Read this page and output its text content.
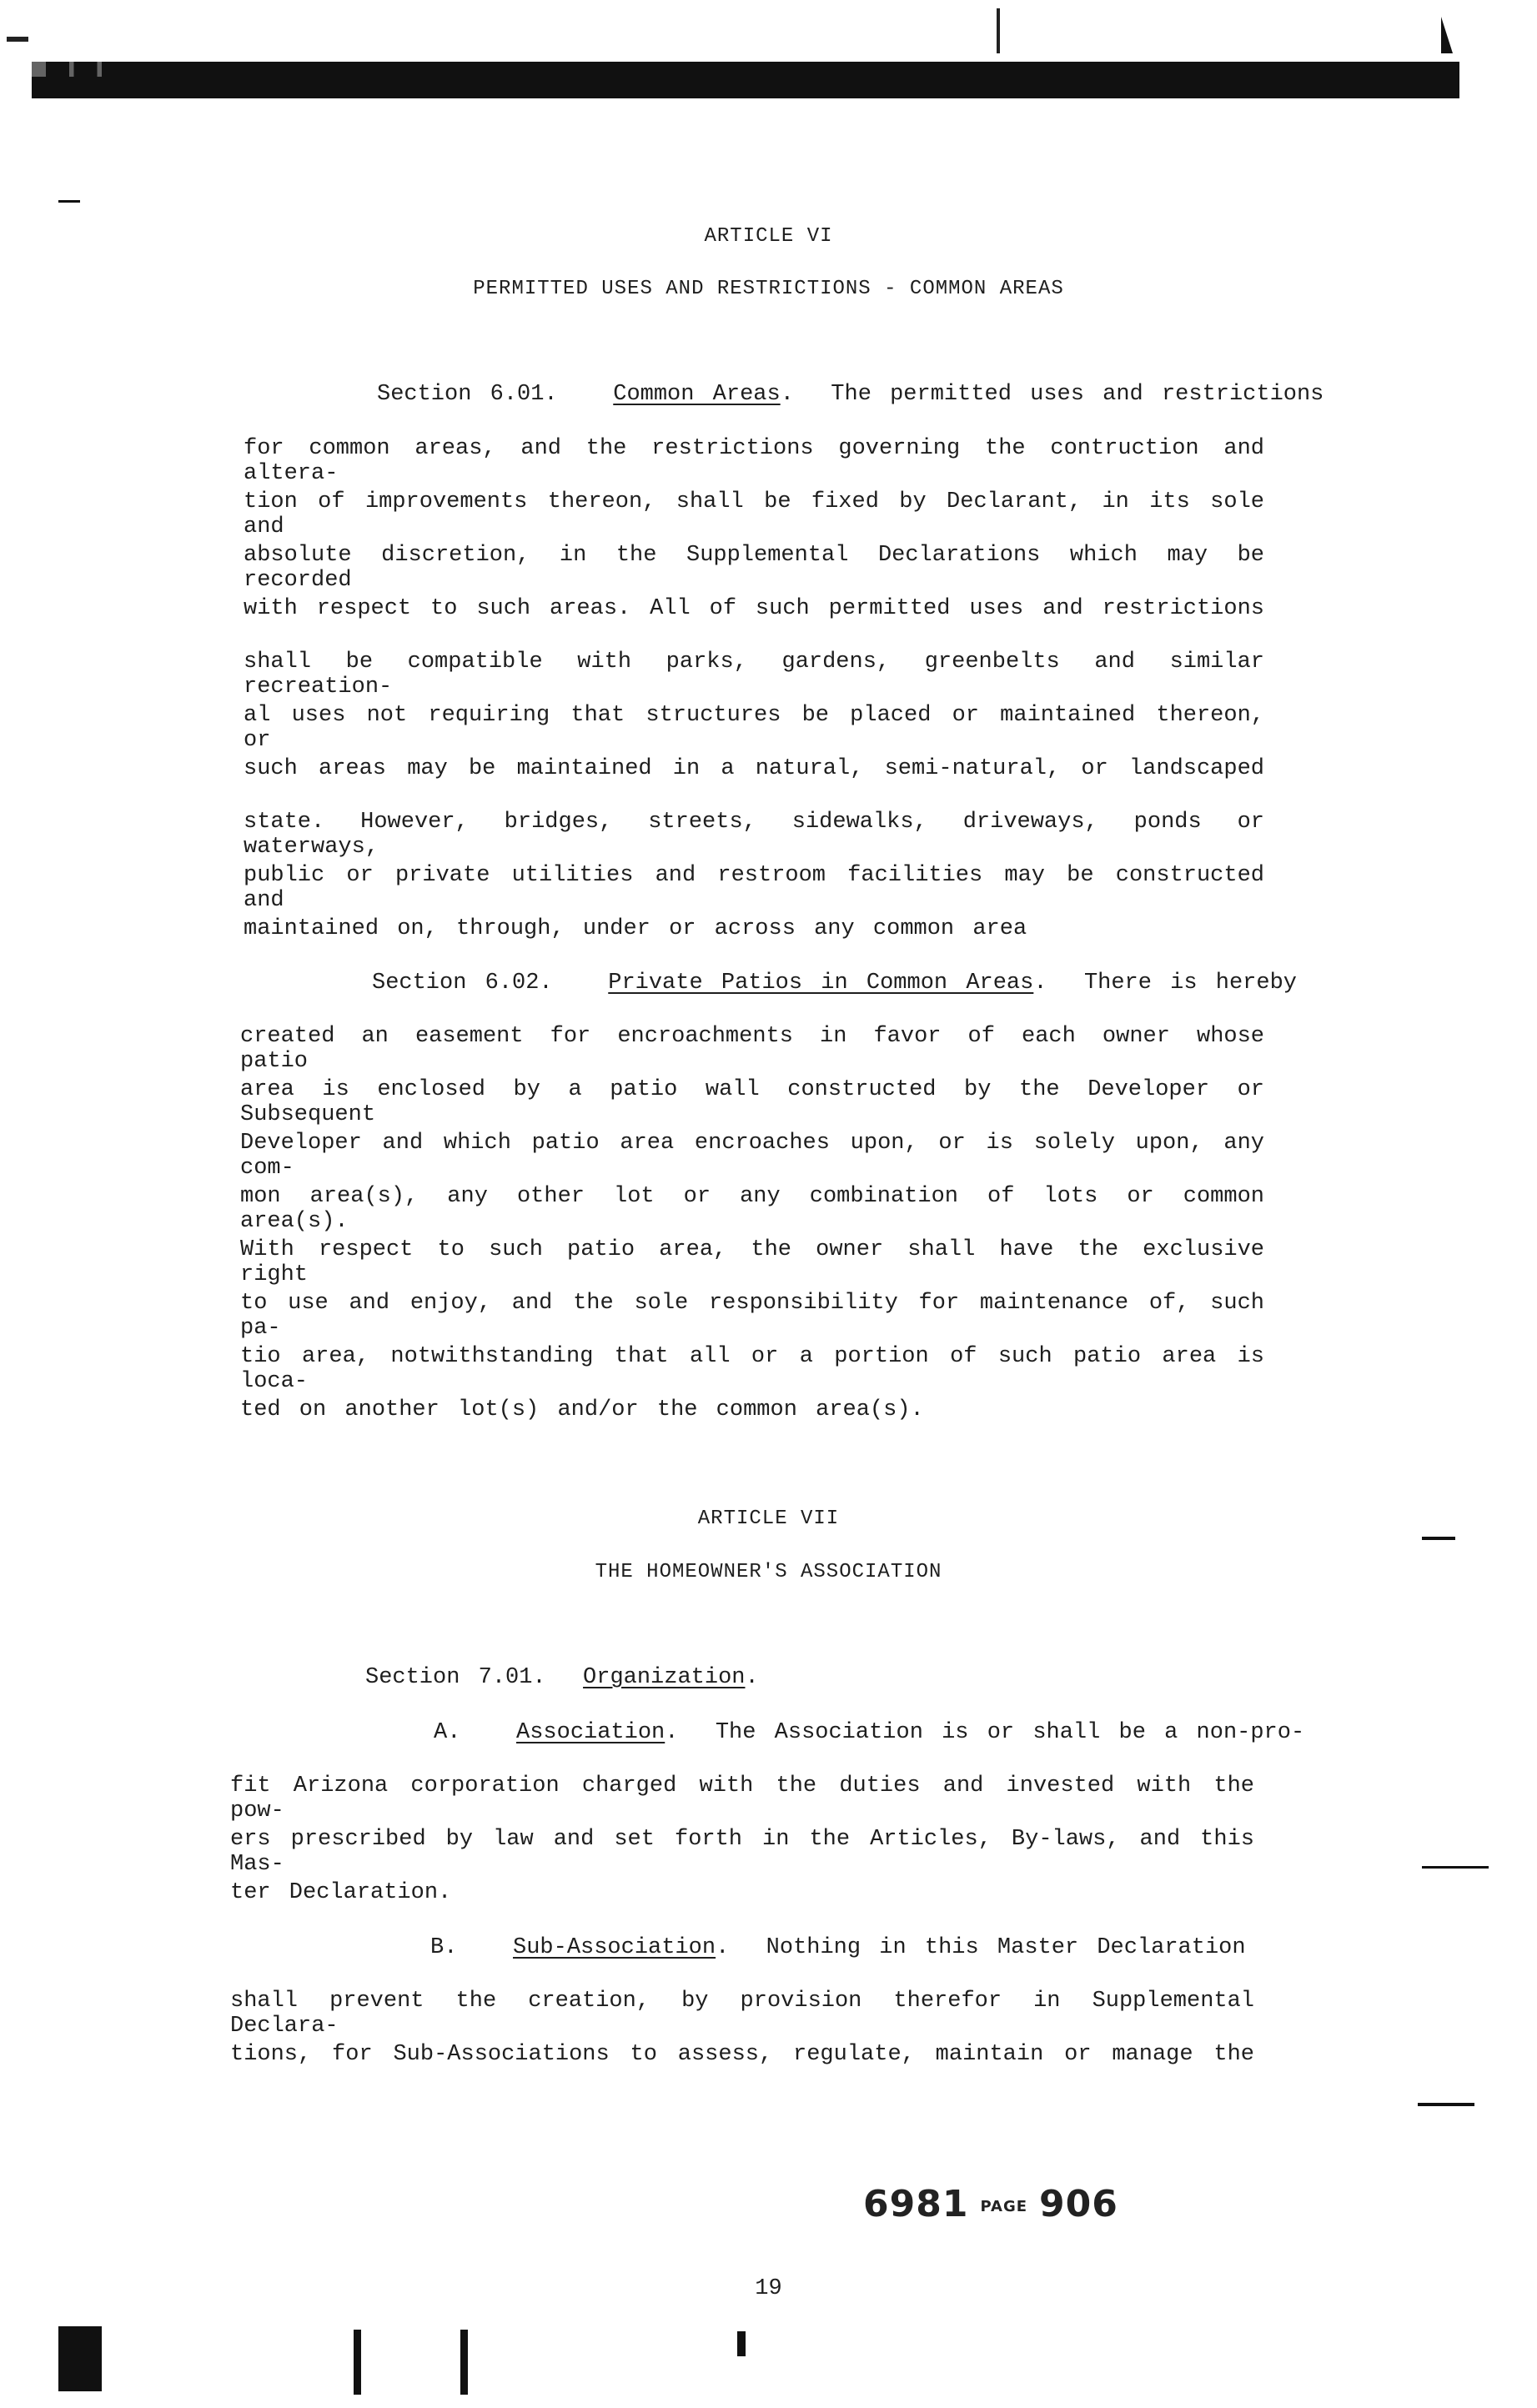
ARTICLE VI
PERMITTED USES AND RESTRICTIONS - COMMON AREAS
Section 6.01. Common Areas.  The permitted uses and restrictions
for common areas, and the restrictions governing the contruction and altera-
tion of improvements thereon, shall be fixed by Declarant, in its sole and
absolute discretion, in the Supplemental Declarations which may be recorded
with respect to such areas. All of such permitted uses and restrictions
shall be compatible with parks, gardens, greenbelts and similar recreation-
al uses not requiring that structures be placed or maintained thereon, or
such areas may be maintained in a natural, semi-natural, or landscaped
state. However, bridges, streets, sidewalks, driveways, ponds or waterways,
public or private utilities and restroom facilities may be constructed and
maintained on, through, under or across any common area
Section 6.02. Private Patios in Common Areas.  There is hereby
created an easement for encroachments in favor of each owner whose patio
area is enclosed by a patio wall constructed by the Developer or Subsequent
Developer and which patio area encroaches upon, or is solely upon, any com-
mon area(s), any other lot or any combination of lots or common area(s).
With respect to such patio area, the owner shall have the exclusive right
to use and enjoy, and the sole responsibility for maintenance of, such pa-
tio area, notwithstanding that all or a portion of such patio area is loca-
ted on another lot(s) and/or the common area(s).
ARTICLE VII
THE HOMEOWNER'S ASSOCIATION
Section 7.01. Organization.
A. Association.  The Association is or shall be a non-pro-
fit Arizona corporation charged with the duties and invested with the pow-
ers prescribed by law and set forth in the Articles, By-laws, and this Mas-
ter Declaration.
B. Sub-Association.  Nothing in this Master Declaration
shall prevent the creation, by provision therefor in Supplemental Declara-
tions, for Sub-Associations to assess, regulate, maintain or manage the
6981 PAGE 906
19
